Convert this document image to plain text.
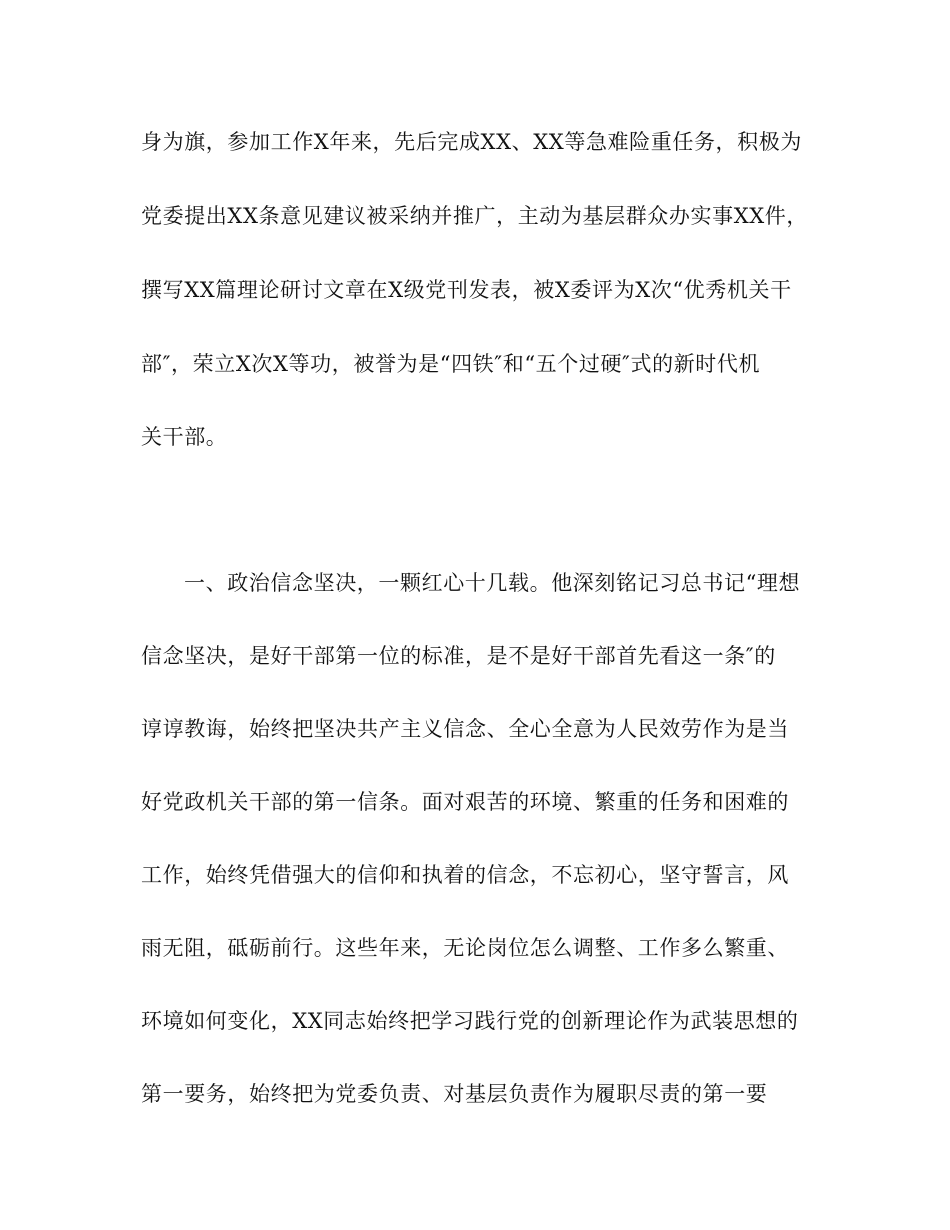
身为旗，参加工作X年来，先后完成XX、XX等急难险重任务，积极为
党委提出XX条意见建议被采纳并推广，主动为基层群众办实事XX件，
撰写XX篇理论研讨文章在X级党刊发表，被X委评为X次“优秀机关干
部″，荣立X次X等功，被誉为是“四铁″和“五个过硬″式的新时代机
关干部。
一、政治信念坚决，一颗红心十几载。他深刻铭记习总书记“理想
信念坚决，是好干部第一位的标准，是不是好干部首先看这一条″的
谆谆教诲，始终把坚决共产主义信念、全心全意为人民效劳作为是当
好党政机关干部的第一信条。面对艰苦的环境、繁重的任务和困难的
工作，始终凭借强大的信仰和执着的信念，不忘初心，坚守誓言，风
雨无阻，砥砺前行。这些年来，无论岗位怎么调整、工作多么繁重、
环境如何变化，XX同志始终把学习践行党的创新理论作为武装思想的
第一要务，始终把为党委负责、对基层负责作为履职尽责的第一要
